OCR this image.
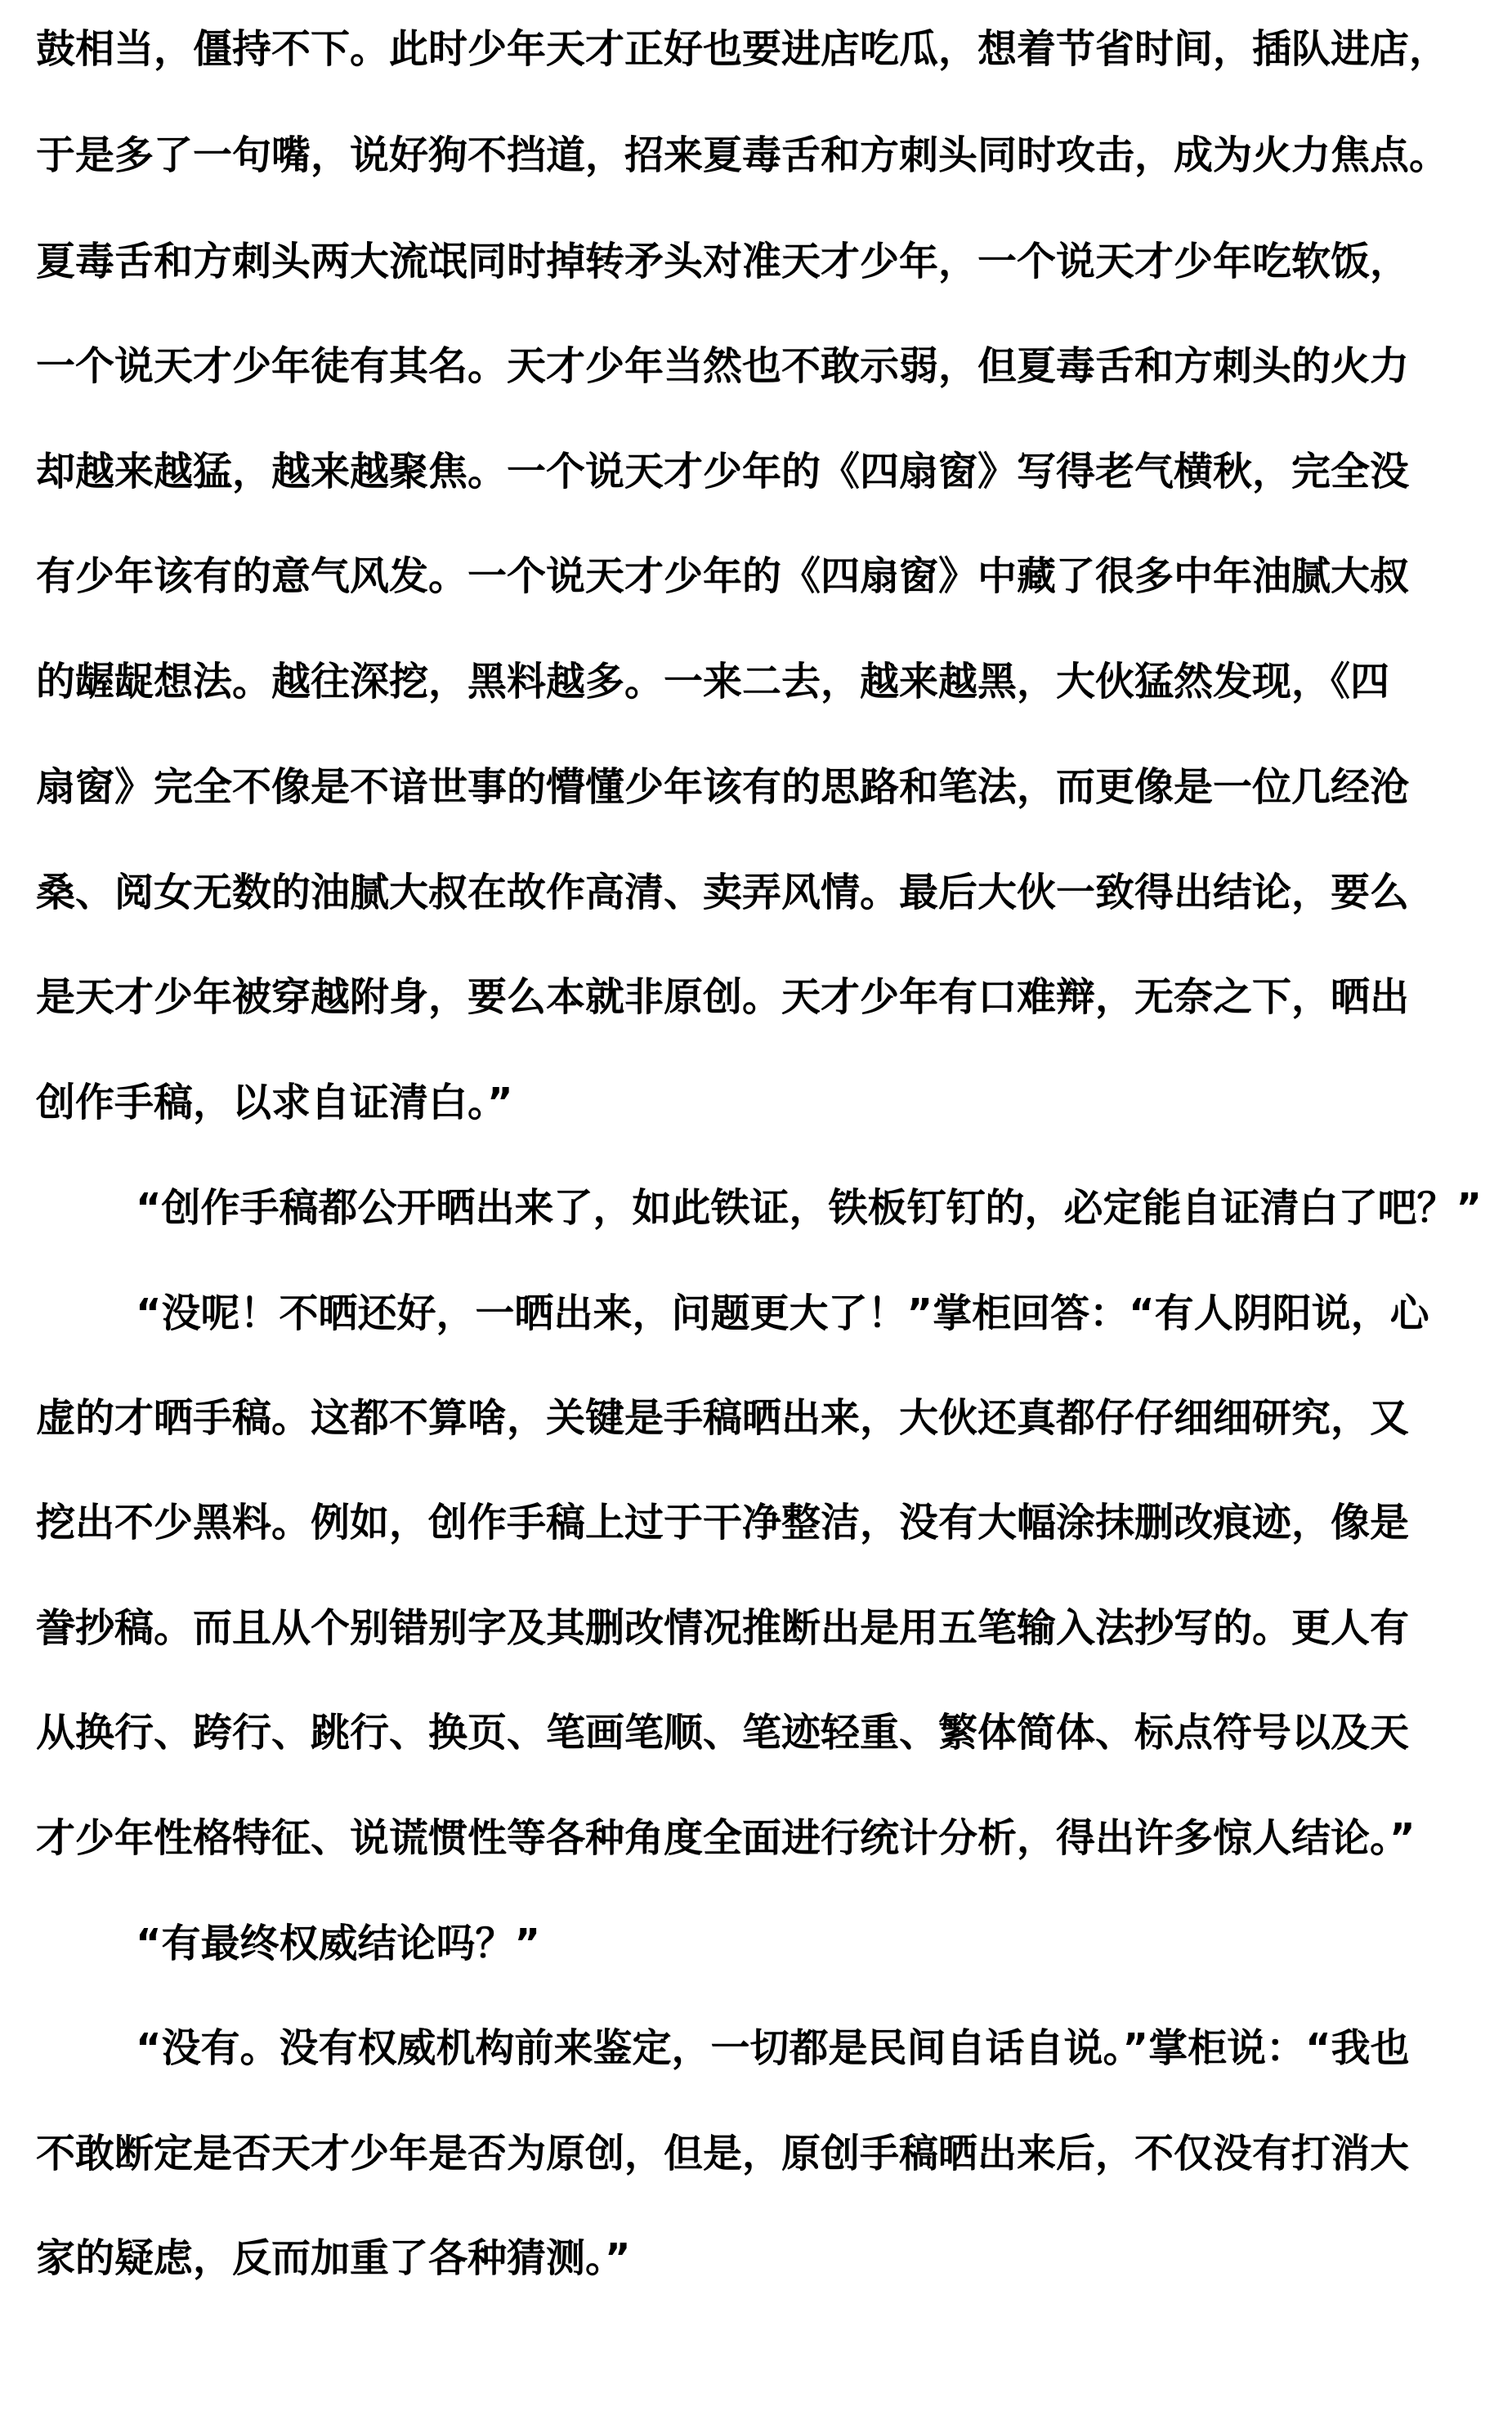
鼓相当，僵持不下。此时少年天才正好也要进店吃瓜，想着节省时间，插队进店，
于是多了一句嘴，说好狗不挡道，招来夏毒舌和方刺头同时攻击，成为火力焦点。
夏毒舌和方刺头两大流氓同时掉转矛头对准天才少年，一个说天才少年吃软饭，
一个说天才少年徒有其名。天才少年当然也不敢示弱，但夏毒舌和方刺头的火力
却越来越猛，越来越聚焦。一个说天才少年的《四扇窗》写得老气横秋，完全没
有少年该有的意气风发。一个说天才少年的《四扇窗》中藏了很多中年油腻大叔
的龌龊想法。越往深挖，黑料越多。一来二去，越来越黑，大伙猛然发现，《四
扇窗》完全不像是不谙世事的懵懂少年该有的思路和笔法，而更像是一位几经沧
桑、阅女无数的油腻大叔在故作高清、卖弄风情。最后大伙一致得出结论，要么
是天才少年被穿越附身，要么本就非原创。天才少年有口难辩，无奈之下，晒出
创作手稿，以求自证清白。”
“创作手稿都公开晒出来了，如此铁证，铁板钉钉的，必定能自证清白了吧？”
“没呢！不晒还好，一晒出来，问题更大了！”掌柜回答：“有人阴阳说，心
虚的才晒手稿。这都不算啥，关键是手稿晒出来，大伙还真都仔仔细细研究，又
挖出不少黑料。例如，创作手稿上过于干净整洁，没有大幅涂抹删改痕迹，像是
誊抄稿。而且从个别错别字及其删改情况推断出是用五笔输入法抄写的。更人有
从换行、跨行、跳行、换页、笔画笔顺、笔迹轻重、繁体简体、标点符号以及天
才少年性格特征、说谎惯性等各种角度全面进行统计分析，得出许多惊人结论。”
“有最终权威结论吗？”
“没有。没有权威机构前来鉴定，一切都是民间自话自说。”掌柜说：“我也
不敢断定是否天才少年是否为原创，但是，原创手稿晒出来后，不仅没有打消大
家的疑虑，反而加重了各种猜测。”
